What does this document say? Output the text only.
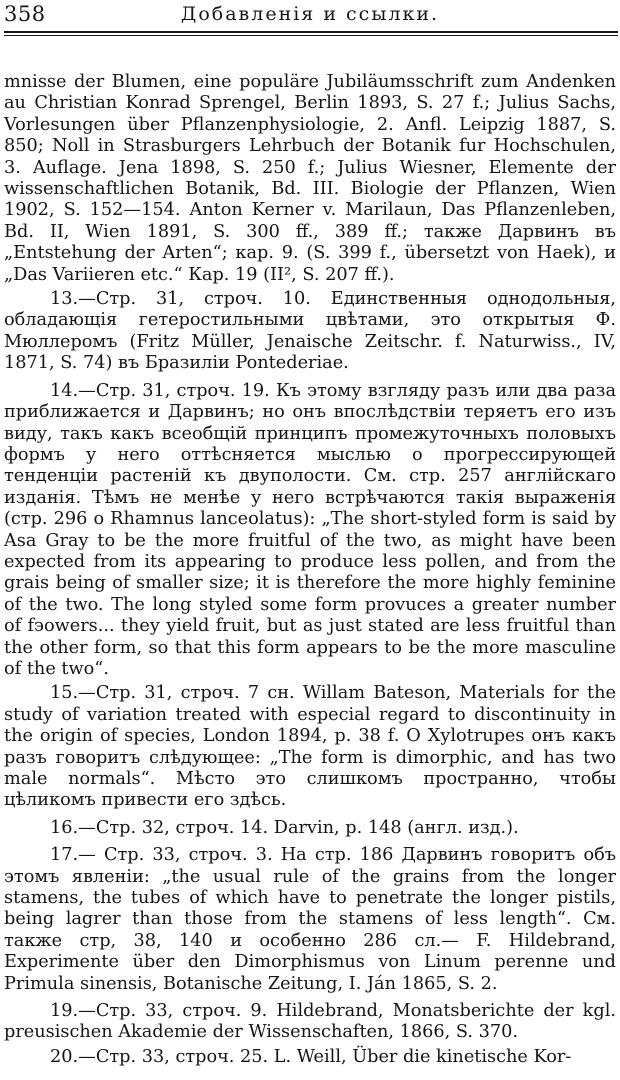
358	Добавленія и ссылки.

mnisse der Blumen, eine populäre Jubiläumsschrift zum Andenken au Christian Konrad Sprengel, Berlin 1893, S. 27 f.; Julius Sachs, Vorlesungen über Pflanzenphysiologie, 2. Anfl. Leipzig 1887, S. 850; Noll in Strasburgers Lehrbuch der Botanik fur Hochschulen, 3. Auflage. Jena 1898, S. 250 f.; Julius Wiesner, Elemente der wissenschaftlichen Botanik, Bd. III. Biologie der Pflanzen, Wien 1902, S. 152—154. Anton Kerner v. Marilaun, Das Pflanzenleben, Bd. II, Wien 1891, S. 300 ff., 389 ff.; также Дарвинъ въ „Entstehung der Arten“; кар. 9. (S. 399 f., übersetzt von Haek), и „Das Variieren etc.“ Кар. 19 (II², S. 207 ff.).

13.—Стр. 31, строч. 10. Единственныя однодольныя, обладающія гетеростильными цвѣтами, это открытыя Ф. Мюллеромъ (Fritz Müller, Jenaische Zeitschr. f. Naturwiss., IV, 1871, S. 74) въ Бразиліи Pontederiae.

14.—Стр. 31, строч. 19. Къ этому взгляду разъ или два раза приближается и Дарвинъ; но онъ впослѣдствіи теряетъ его изъ виду, такъ какъ всеобщій принципъ промежуточныхъ половыхъ формъ у него оттѣсняется мыслью о прогрессирующей тенденціи растеній къ двуполости. См. стр. 257 англійскаго изданія. Тѣмъ не менѣе у него встрѣчаются такія выраженія (стр. 296 о Rhamnus lanceolatus): „The short-styled form is said by Asa Gray to be the more fruitful of the two, as might have been expected from its appearing to produce less pollen, and from the grais being of smaller size; it is therefore the more highly feminine of the two. The long styled some form provuces a greater number of fэowers... they yield fruit, but as just stated are less fruitful than the other form, so that this form appears to be the more masculine of the two“.

15.—Стр. 31, строч. 7 сн. Willam Bateson, Materials for the study of variation treated with especial regard to discontinuity in the origin of species, London 1894, p. 38 f. O Xylotrupes онъ какъ разъ говоритъ слѣдующее: „The form is dimorphic, and has two male normals“. Мѣсто это слишкомъ пространно, чтобы цѣликомъ привести его здѣсь.

16.—Стр. 32, строч. 14. Darvin, p. 148 (англ. изд.).

17.— Стр. 33, строч. 3. На стр. 186 Дарвинъ говоритъ объ этомъ явленіи: „the usual rule of the grains from the longer stamens, the tubes of which have to penetrate the longer pistils, being lagrer than those from the stamens of less length“. См. также стр, 38, 140 и особенно 286 сл.— F. Hildebrand, Experimente über den Dimorphismus von Linum perenne und Primula sinensis, Botanische Zeitung, I. Ján 1865, S. 2.

19.—Стр. 33, строч. 9. Hildebrand, Monatsberichte der kgl. preusischen Akademie der Wissenschaften, 1866, S. 370.

20.—Стр. 33, строч. 25. L. Weill, Über die kinetische Kor-
